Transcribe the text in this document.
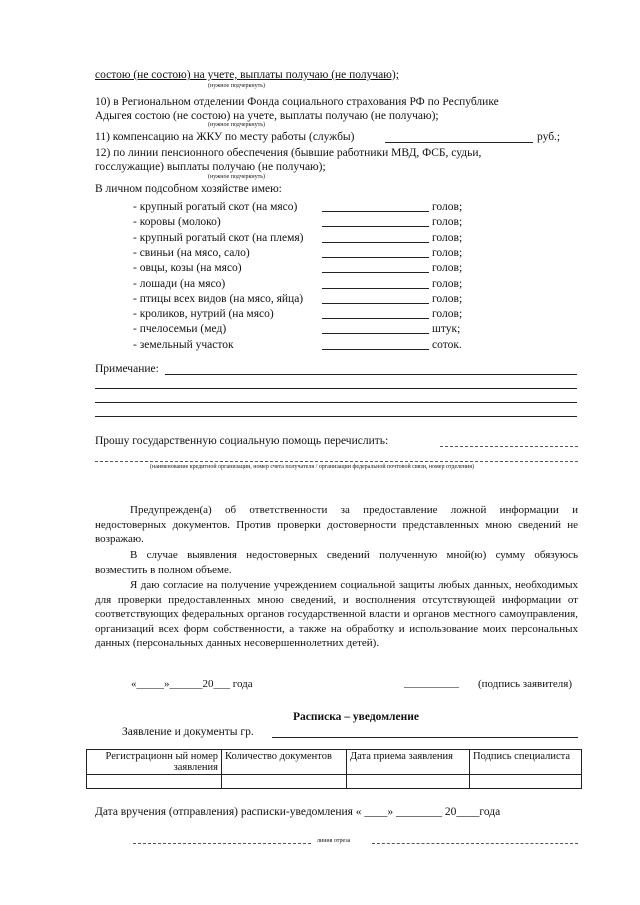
состою (не состою) на учете, выплаты получаю (не получаю);
(нужное подчеркнуть)
10) в Региональном отделении Фонда социального страхования РФ по Республике
Адыгея состою (не состою) на учете, выплаты получаю (не получаю);
(нужное подчеркнуть)
11) компенсацию на ЖКУ по месту работы (службы)	руб.;
12) по линии пенсионного обеспечения (бывшие работники МВД, ФСБ, судьи,
госслужащие) выплаты получаю (не получаю);
(нужное подчеркнуть)
В личном подсобном хозяйстве имею:
- крупный рогатый скот (на мясо)	голов;
- коровы (молоко)	голов;
- крупный рогатый скот (на племя)	голов;
- свиньи (на мясо, сало)	голов;
- овцы, козы (на мясо)	голов;
- лошади (на мясо)	голов;
- птицы всех видов (на мясо, яйца)	голов;
- кроликов, нутрий (на мясо)	голов;
- пчелосемьи (мед)	штук;
- земельный участок	соток.
Примечание:
Прошу государственную социальную помощь перечислить:
(наименование кредитной организации, номер счета получателя / организации федеральной почтовой связи, номер отделения)
Предупрежден(а) об ответственности за предоставление ложной информации и недостоверных документов. Против проверки достоверности представленных мною сведений не возражаю.
В случае выявления недостоверных сведений полученную мной(ю) сумму обязуюсь возместить в полном объеме.
Я даю согласие на получение учреждением социальной защиты любых данных, необходимых для проверки предоставленных мною сведений, и восполнения отсутствующей информации от соответствующих федеральных органов государственной власти и органов местного самоуправления, организаций всех форм собственности, а также на обработку и использование моих персональных данных (персональных данных несовершеннолетних детей).
«_____»______20___ года	__________ (подпись заявителя)
Расписка – уведомление
Заявление и документы гр.
Регистрационн ый номер заявления	Количество документов	Дата приема заявления	Подпись специалиста

Дата вручения (отправления) расписки-уведомления « ____» ________ 20____года
линия отреза
